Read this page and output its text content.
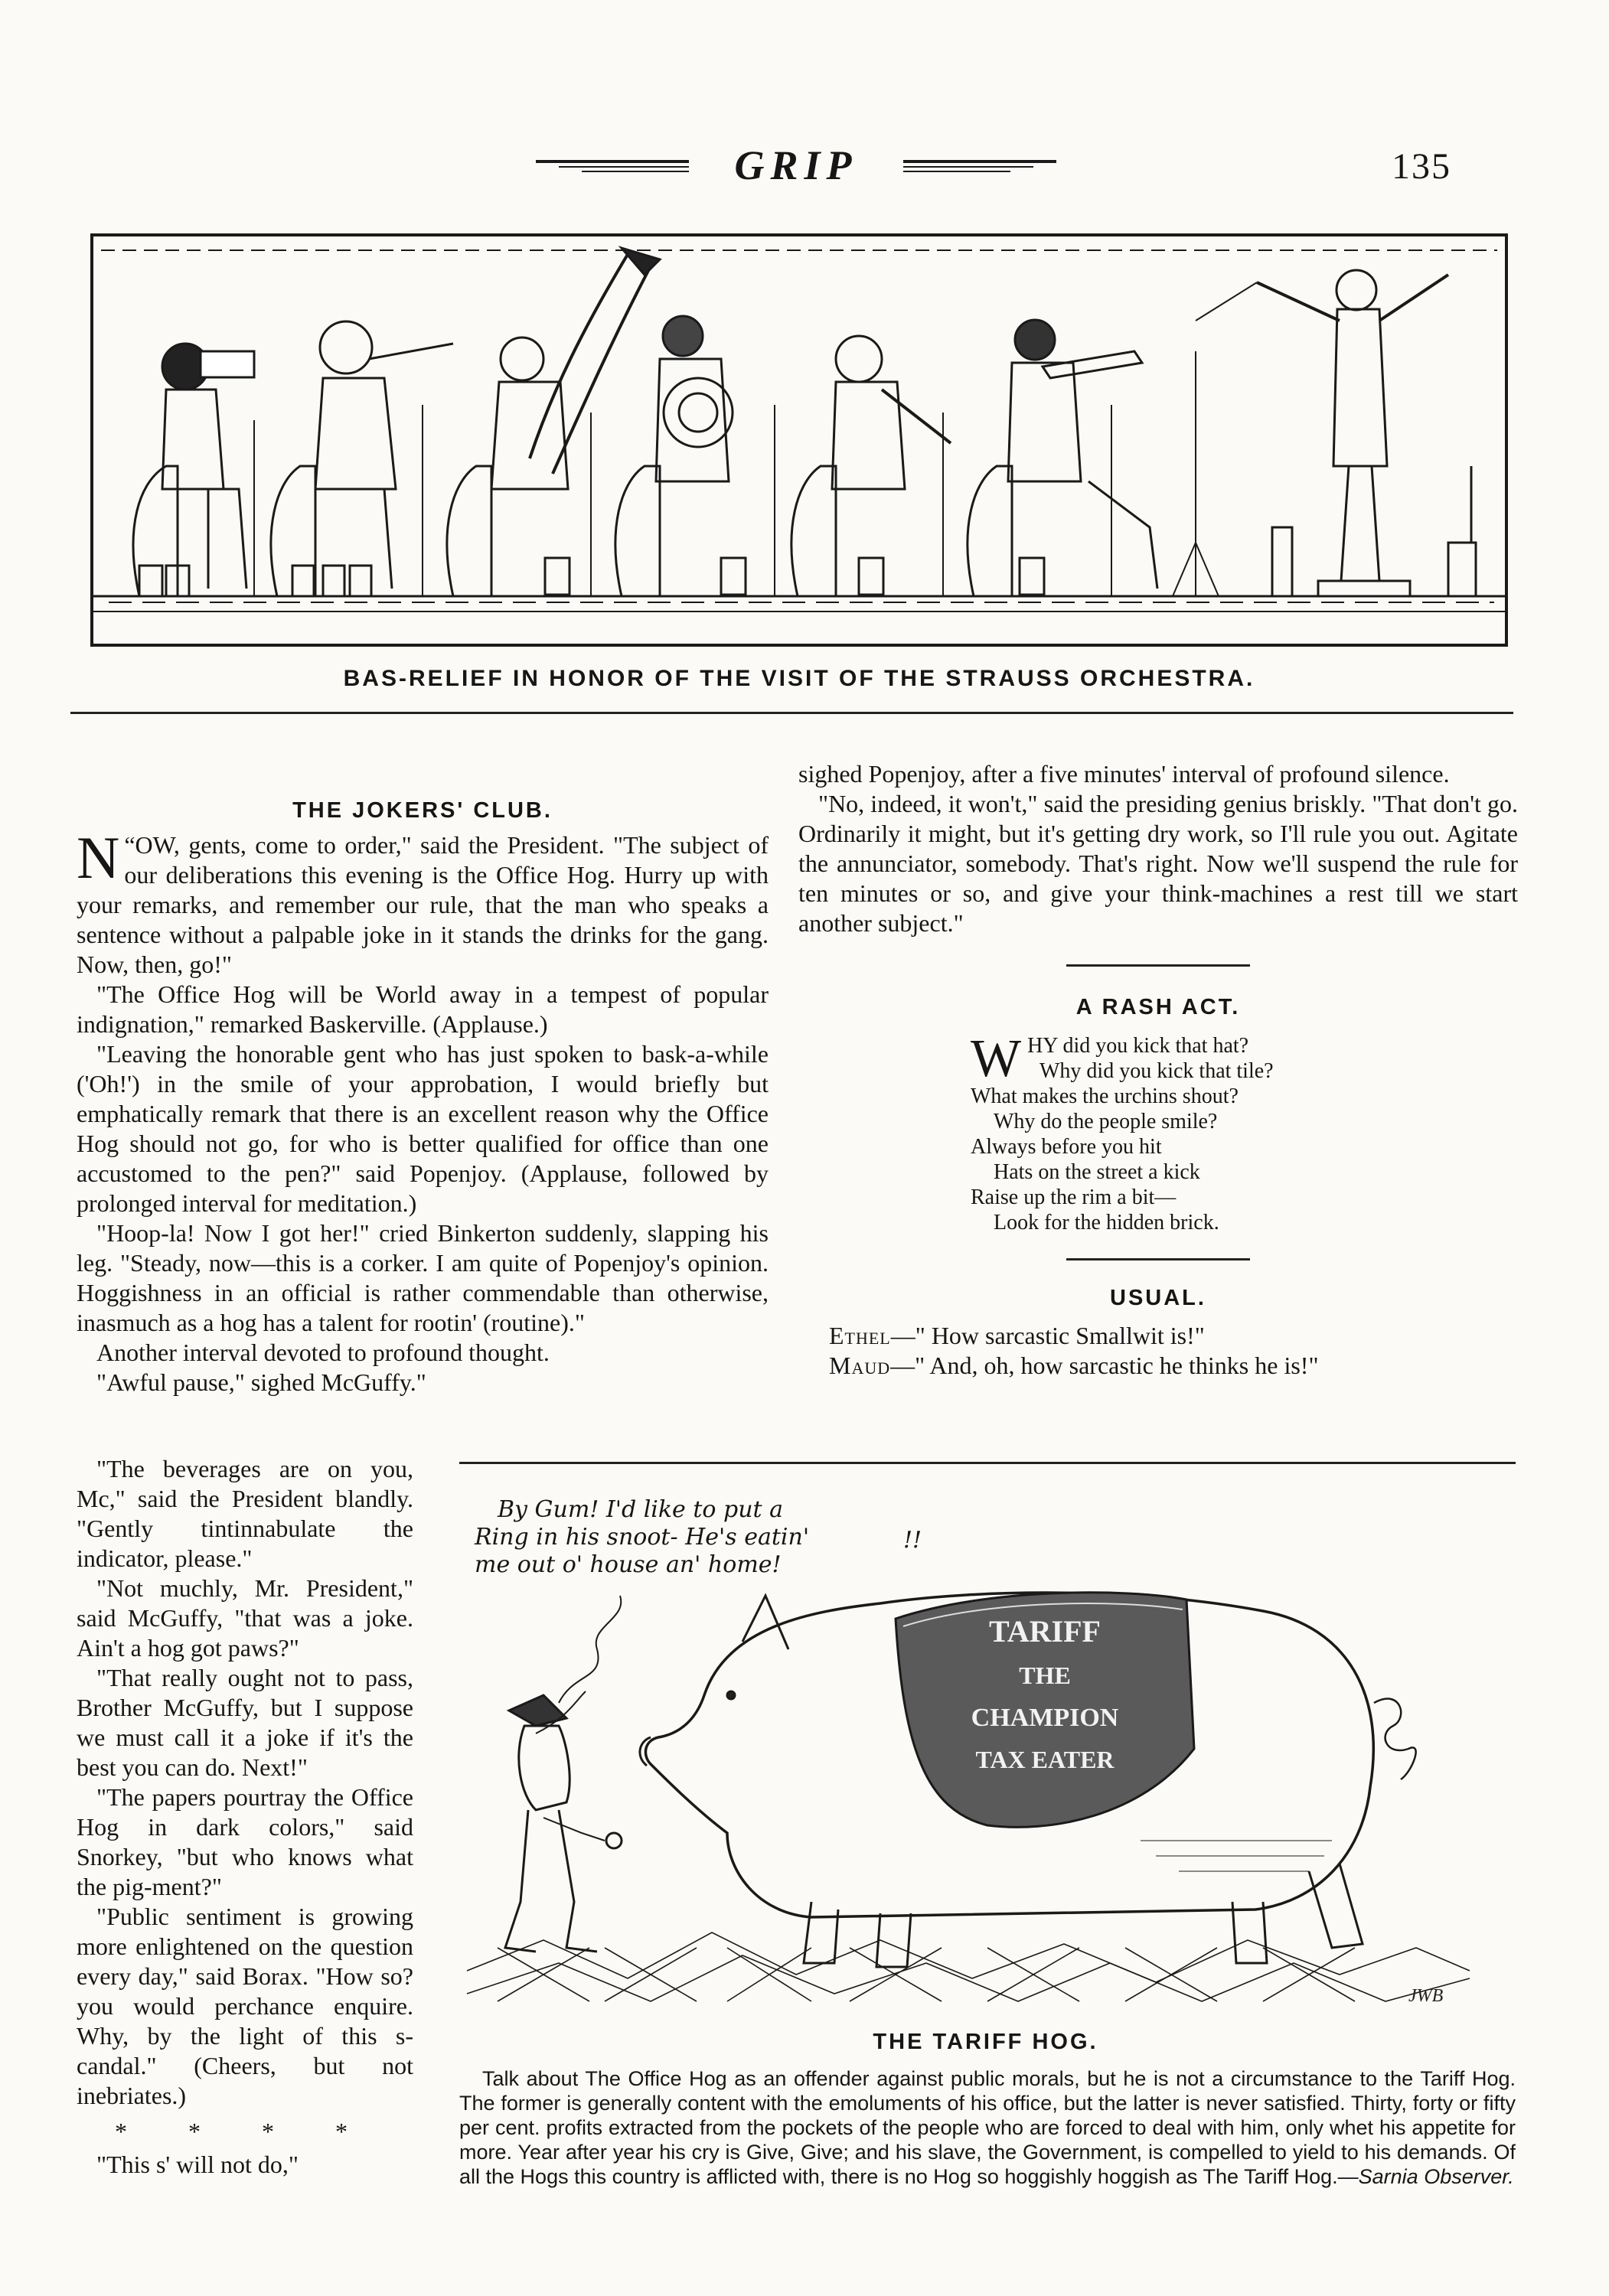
GRIP	135
BAS-RELIEF IN HONOR OF THE VISIT OF THE STRAUSS ORCHESTRA.
THE JOKERS' CLUB.

“
N OW, gents, come to order," said the President. "The subject of our deliberations this evening is the Office Hog. Hurry up with your remarks, and remember our rule, that the man who speaks a sentence without a palpable joke in it stands the drinks for the gang. Now, then, go!"

"The Office Hog will be World away in a tempest of popular indignation," remarked Baskerville. (Applause.)

"Leaving the honorable gent who has just spoken to bask-a-while ('Oh!') in the smile of your approbation, I would briefly but emphatically remark that there is an excellent reason why the Office Hog should not go, for who is better qualified for office than one accustomed to the pen?" said Popenjoy. (Applause, followed by prolonged interval for meditation.)

"Hoop-la! Now I got her!" cried Binkerton suddenly, slapping his leg. "Steady, now—this is a corker. I am quite of Popenjoy's opinion. Hoggishness in an official is rather commendable than otherwise, inasmuch as a hog has a talent for rootin' (routine)."

Another interval devoted to profound thought.

"Awful pause," sighed McGuffy."

"The beverages are on you, Mc," said the President blandly. "Gently tintinnabulate the indicator, please."

"Not muchly, Mr. President," said McGuffy, "that was a joke. Ain't a hog got paws?"

"That really ought not to pass, Brother McGuffy, but I suppose we must call it a joke if it's the best you can do. Next!"

"The papers pourtray the Office Hog in dark colors," said Snorkey, "but who knows what the pig-ment?"

"Public sentiment is growing more enlightened on the question every day," said Borax. "How so? you would perchance enquire. Why, by the light of this s-candal." (Cheers, but not inebriates.)

* * * *

"This s' will not do,"

sighed Popenjoy, after a five minutes' interval of profound silence.

"No, indeed, it won't," said the presiding genius briskly. "That don't go. Ordinarily it might, but it's getting dry work, so I'll rule you out. Agitate the annunciator, somebody. That's right. Now we'll suspend the rule for ten minutes or so, and give your think-machines a rest till we start another subject."

A RASH ACT.
WHY did you kick that hat?
Why did you kick that tile?
What makes the urchins shout?
Why do the people smile?
Always before you hit
Hats on the street a kick
Raise up the rim a bit—
Look for the hidden brick.
USUAL.
Ethel—" How sarcastic Smallwit is!"
Maud—" And, oh, how sarcastic he thinks he is!"
By Gum! I'd like to put a
Ring in his snoot- He's eatin'
me out o' house an' home!
!!
TARIFF
THE
CHAMPION
TAX EATER
JWB
THE TARIFF HOG.
Talk about The Office Hog as an offender against public morals, but he is not a circumstance to the Tariff Hog. The former is generally content with the emoluments of his office, but the latter is never satisfied. Thirty, forty or fifty per cent. profits extracted from the pockets of the people who are forced to deal with him, only whet his appetite for more. Year after year his cry is Give, Give; and his slave, the Government, is compelled to yield to his demands. Of all the Hogs this country is afflicted with, there is no Hog so hoggishly hoggish as The Tariff Hog.—Sarnia Observer.
